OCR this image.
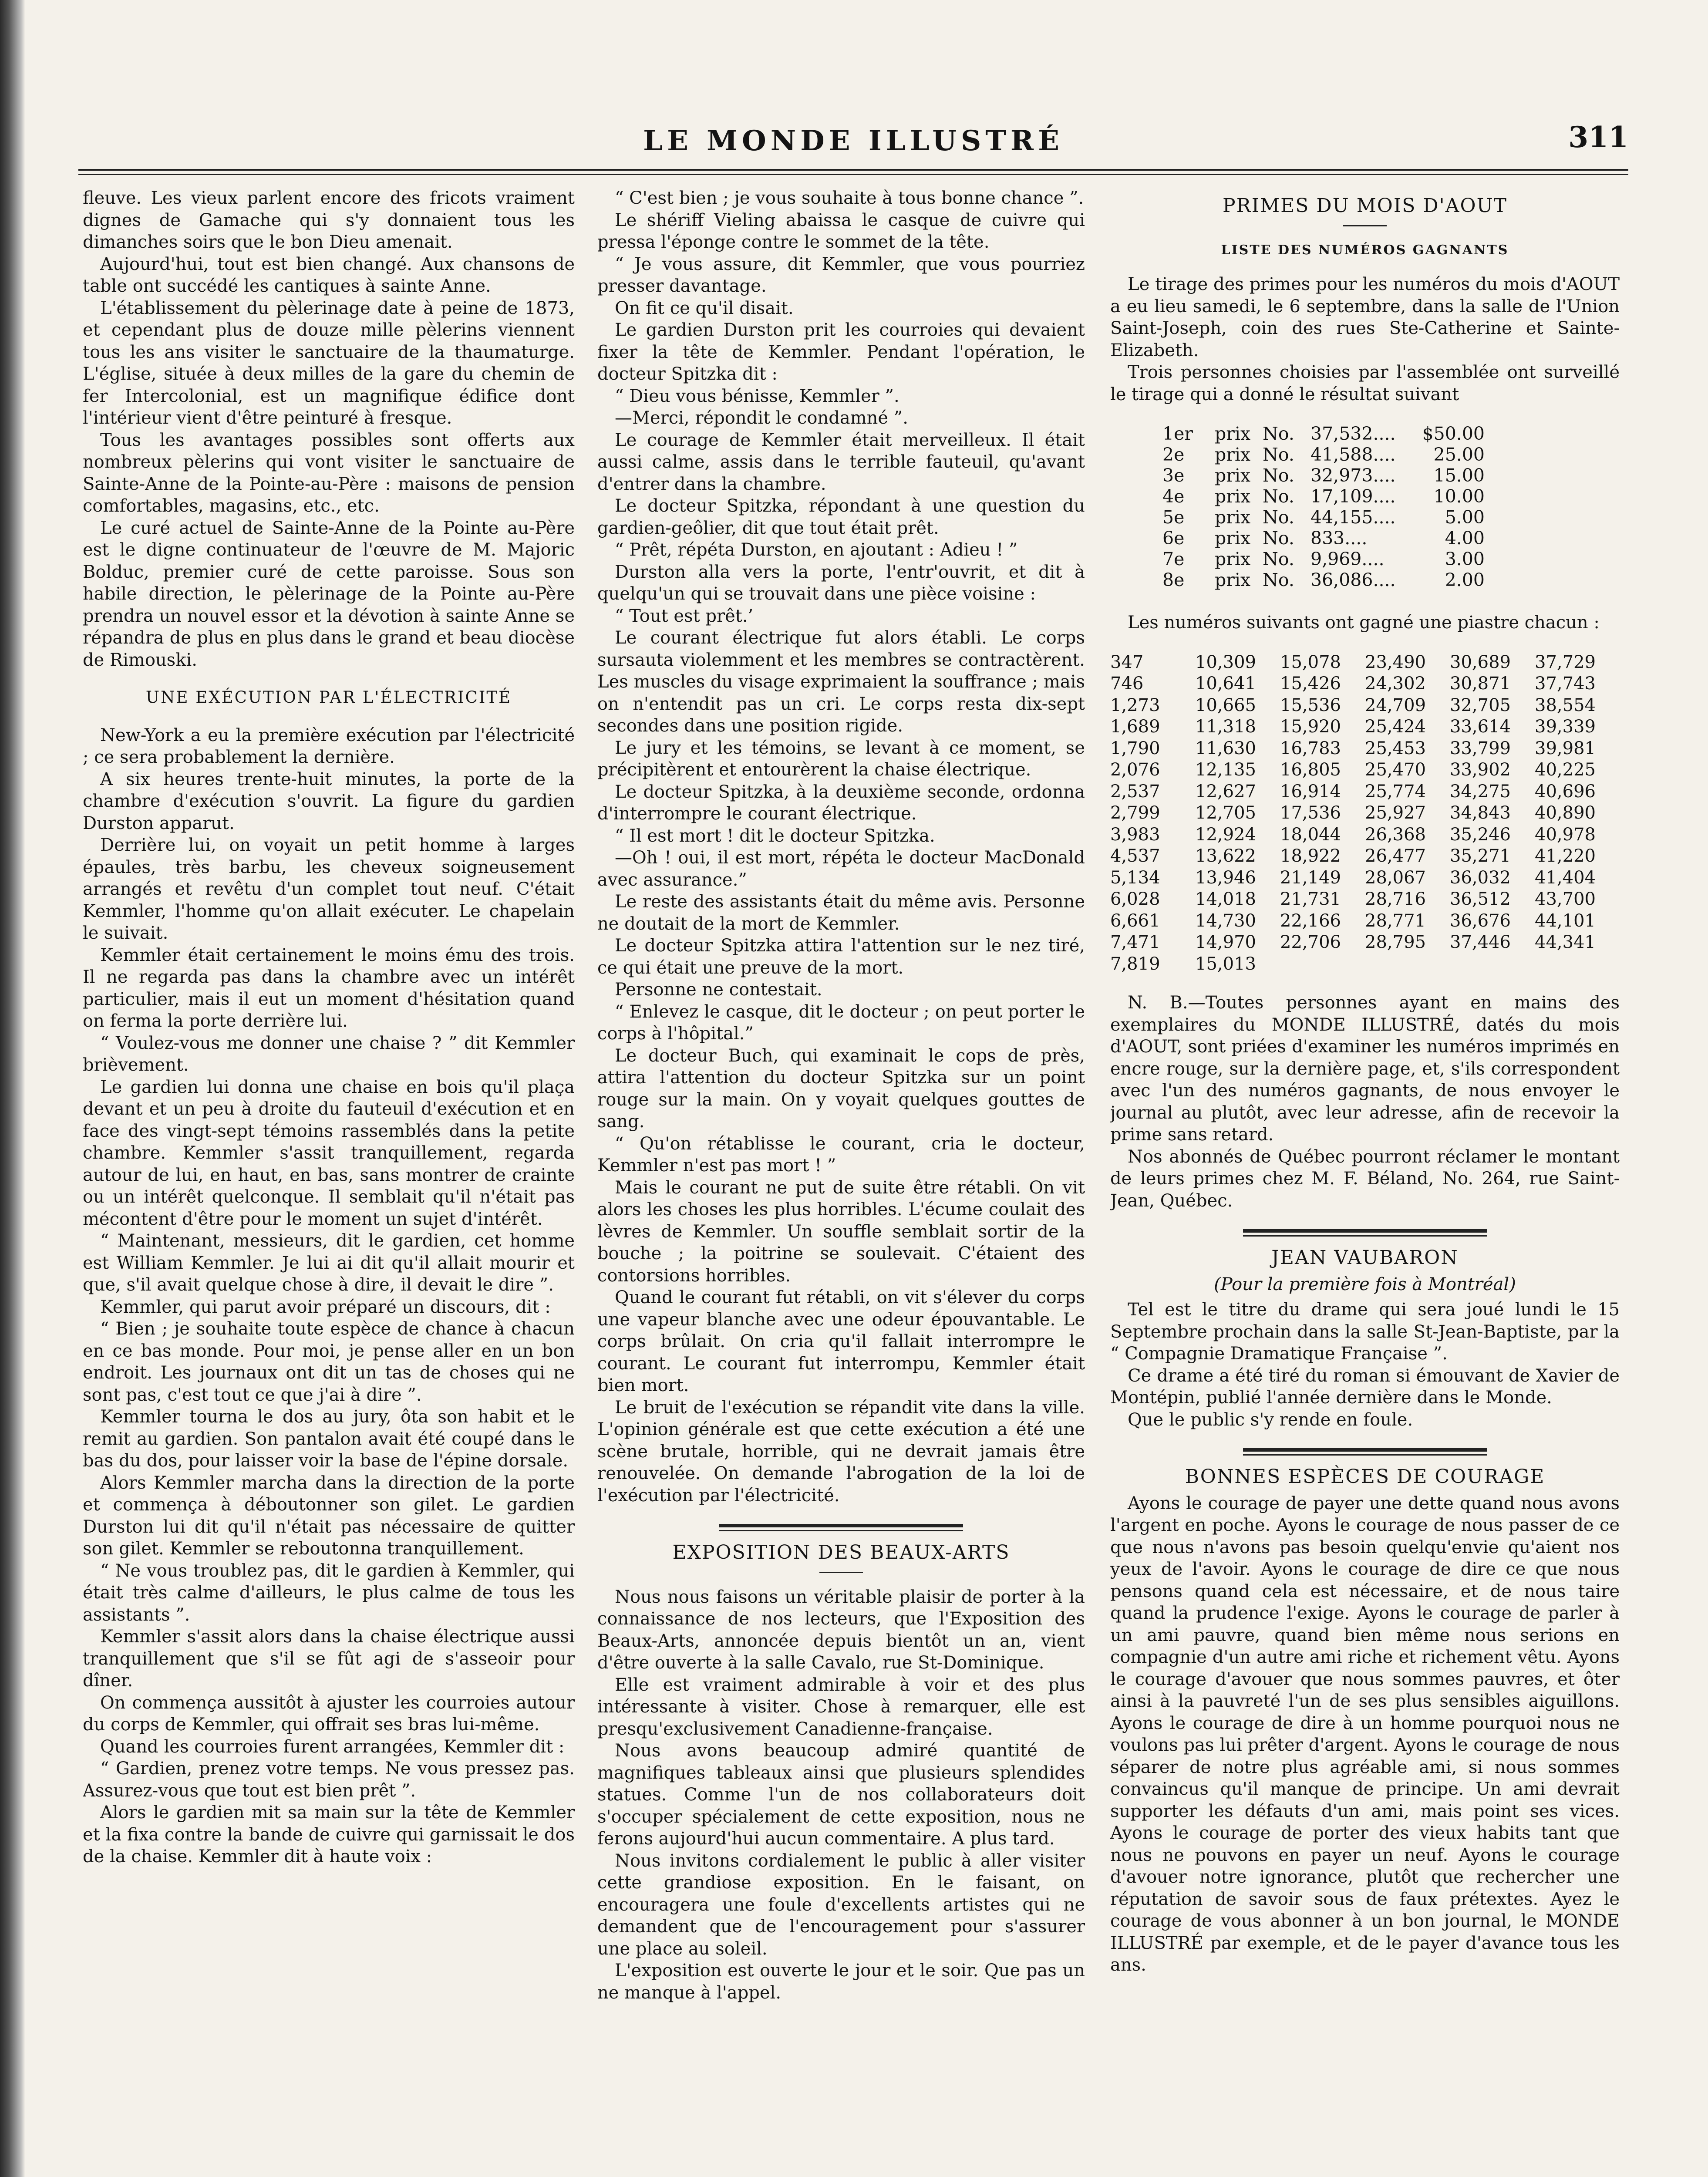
LE MONDE ILLUSTRÉ	311

fleuve. Les vieux parlent encore des fricots vraiment dignes de Gamache qui s'y donnaient tous les dimanches soirs que le bon Dieu amenait.

Aujourd'hui, tout est bien changé. Aux chansons de table ont succédé les cantiques à sainte Anne.

L'établissement du pèlerinage date à peine de 1873, et cependant plus de douze mille pèlerins viennent tous les ans visiter le sanctuaire de la thaumaturge. L'église, située à deux milles de la gare du chemin de fer Intercolonial, est un magnifique édifice dont l'intérieur vient d'être peinturé à fresque.

Tous les avantages possibles sont offerts aux nombreux pèlerins qui vont visiter le sanctuaire de Sainte-Anne de la Pointe-au-Père : maisons de pension comfortables, magasins, etc., etc.

Le curé actuel de Sainte-Anne de la Pointe au-Père est le digne continuateur de l'œuvre de M. Majoric Bolduc, premier curé de cette paroisse. Sous son habile direction, le pèlerinage de la Pointe au-Père prendra un nouvel essor et la dévotion à sainte Anne se répandra de plus en plus dans le grand et beau diocèse de Rimouski.

UNE EXÉCUTION PAR L'ÉLECTRICITÉ

New-York a eu la première exécution par l'électricité ; ce sera probablement la dernière.

A six heures trente-huit minutes, la porte de la chambre d'exécution s'ouvrit. La figure du gardien Durston apparut.

Derrière lui, on voyait un petit homme à larges épaules, très barbu, les cheveux soigneusement arrangés et revêtu d'un complet tout neuf. C'était Kemmler, l'homme qu'on allait exécuter. Le chapelain le suivait.

Kemmler était certainement le moins ému des trois. Il ne regarda pas dans la chambre avec un intérêt particulier, mais il eut un moment d'hésitation quand on ferma la porte derrière lui.

“ Voulez-vous me donner une chaise ? ” dit Kemmler brièvement.

Le gardien lui donna une chaise en bois qu'il plaça devant et un peu à droite du fauteuil d'exécution et en face des vingt-sept témoins rassemblés dans la petite chambre. Kemmler s'assit tranquillement, regarda autour de lui, en haut, en bas, sans montrer de crainte ou un intérêt quelconque. Il semblait qu'il n'était pas mécontent d'être pour le moment un sujet d'intérêt.

“ Maintenant, messieurs, dit le gardien, cet homme est William Kemmler. Je lui ai dit qu'il allait mourir et que, s'il avait quelque chose à dire, il devait le dire ”.

Kemmler, qui parut avoir préparé un discours, dit :

“ Bien ; je souhaite toute espèce de chance à chacun en ce bas monde. Pour moi, je pense aller en un bon endroit. Les journaux ont dit un tas de choses qui ne sont pas, c'est tout ce que j'ai à dire ”.

Kemmler tourna le dos au jury, ôta son habit et le remit au gardien. Son pantalon avait été coupé dans le bas du dos, pour laisser voir la base de l'épine dorsale.

Alors Kemmler marcha dans la direction de la porte et commença à déboutonner son gilet. Le gardien Durston lui dit qu'il n'était pas nécessaire de quitter son gilet. Kemmler se reboutonna tranquillement.

“ Ne vous troublez pas, dit le gardien à Kemmler, qui était très calme d'ailleurs, le plus calme de tous les assistants ”.

Kemmler s'assit alors dans la chaise électrique aussi tranquillement que s'il se fût agi de s'asseoir pour dîner.

On commença aussitôt à ajuster les courroies autour du corps de Kemmler, qui offrait ses bras lui-même.

Quand les courroies furent arrangées, Kemmler dit :

“ Gardien, prenez votre temps. Ne vous pressez pas. Assurez-vous que tout est bien prêt ”.

Alors le gardien mit sa main sur la tête de Kemmler et la fixa contre la bande de cuivre qui garnissait le dos de la chaise. Kemmler dit à haute voix :

“ C'est bien ; je vous souhaite à tous bonne chance ”.

Le shériff Vieling abaissa le casque de cuivre qui pressa l'éponge contre le sommet de la tête.

“ Je vous assure, dit Kemmler, que vous pourriez presser davantage.

On fit ce qu'il disait.

Le gardien Durston prit les courroies qui devaient fixer la tête de Kemmler. Pendant l'opération, le docteur Spitzka dit :

“ Dieu vous bénisse, Kemmler ”.

—Merci, répondit le condamné ”.

Le courage de Kemmler était merveilleux. Il était aussi calme, assis dans le terrible fauteuil, qu'avant d'entrer dans la chambre.

Le docteur Spitzka, répondant à une question du gardien-geôlier, dit que tout était prêt.

“ Prêt, répéta Durston, en ajoutant : Adieu ! ”

Durston alla vers la porte, l'entr'ouvrit, et dit à quelqu'un qui se trouvait dans une pièce voisine :

“ Tout est prêt.’

Le courant électrique fut alors établi. Le corps sursauta violemment et les membres se contractèrent. Les muscles du visage exprimaient la souffrance ; mais on n'entendit pas un cri. Le corps resta dix-sept secondes dans une position rigide.

Le jury et les témoins, se levant à ce moment, se précipitèrent et entourèrent la chaise électrique.

Le docteur Spitzka, à la deuxième seconde, ordonna d'interrompre le courant électrique.

“ Il est mort ! dit le docteur Spitzka.

—Oh ! oui, il est mort, répéta le docteur MacDonald avec assurance.”

Le reste des assistants était du même avis. Personne ne doutait de la mort de Kemmler.

Le docteur Spitzka attira l'attention sur le nez tiré, ce qui était une preuve de la mort.

Personne ne contestait.

“ Enlevez le casque, dit le docteur ; on peut porter le corps à l'hôpital.”

Le docteur Buch, qui examinait le cops de près, attira l'attention du docteur Spitzka sur un point rouge sur la main. On y voyait quelques gouttes de sang.

“ Qu'on rétablisse le courant, cria le docteur, Kemmler n'est pas mort ! ”

Mais le courant ne put de suite être rétabli. On vit alors les choses les plus horribles. L'écume coulait des lèvres de Kemmler. Un souffle semblait sortir de la bouche ; la poitrine se soulevait. C'étaient des contorsions horribles.

Quand le courant fut rétabli, on vit s'élever du corps une vapeur blanche avec une odeur épouvantable. Le corps brûlait. On cria qu'il fallait interrompre le courant. Le courant fut interrompu, Kemmler était bien mort.

Le bruit de l'exécution se répandit vite dans la ville. L'opinion générale est que cette exécution a été une scène brutale, horrible, qui ne devrait jamais être renouvelée. On demande l'abrogation de la loi de l'exécution par l'électricité.

EXPOSITION DES BEAUX-ARTS

Nous nous faisons un véritable plaisir de porter à la connaissance de nos lecteurs, que l'Exposition des Beaux-Arts, annoncée depuis bientôt un an, vient d'être ouverte à la salle Cavalo, rue St-Dominique.

Elle est vraiment admirable à voir et des plus intéressante à visiter. Chose à remarquer, elle est presqu'exclusivement Canadienne-française.

Nous avons beaucoup admiré quantité de magnifiques tableaux ainsi que plusieurs splendides statues. Comme l'un de nos collaborateurs doit s'occuper spécialement de cette exposition, nous ne ferons aujourd'hui aucun commentaire. A plus tard.

Nous invitons cordialement le public à aller visiter cette grandiose exposition. En le faisant, on encouragera une foule d'excellents artistes qui ne demandent que de l'encouragement pour s'assurer une place au soleil.

L'exposition est ouverte le jour et le soir. Que pas un ne manque à l'appel.

PRIMES DU MOIS D'AOUT
LISTE DES NUMÉROS GAGNANTS

Le tirage des primes pour les numéros du mois d'AOUT a eu lieu samedi, le 6 septembre, dans la salle de l'Union Saint-Joseph, coin des rues Ste-Catherine et Sainte-Elizabeth.

Trois personnes choisies par l'assemblée ont surveillé le tirage qui a donné le résultat suivant

1er	prix No. 37,532....	$50.00
2e	prix No. 41,588....	25.00
3e	prix No. 32,973....	15.00
4e	prix No. 17,109....	10.00
5e	prix No. 44,155....	5.00
6e	prix No. 833....	4.00
7e	prix No. 9,969....	3.00
8e	prix No. 36,086....	2.00

Les numéros suivants ont gagné une piastre chacun :

347	10,309	15,078	23,490	30,689	37,729
746	10,641	15,426	24,302	30,871	37,743
1,273	10,665	15,536	24,709	32,705	38,554
1,689	11,318	15,920	25,424	33,614	39,339
1,790	11,630	16,783	25,453	33,799	39,981
2,076	12,135	16,805	25,470	33,902	40,225
2,537	12,627	16,914	25,774	34,275	40,696
2,799	12,705	17,536	25,927	34,843	40,890
3,983	12,924	18,044	26,368	35,246	40,978
4,537	13,622	18,922	26,477	35,271	41,220
5,134	13,946	21,149	28,067	36,032	41,404
6,028	14,018	21,731	28,716	36,512	43,700
6,661	14,730	22,166	28,771	36,676	44,101
7,471	14,970	22,706	28,795	37,446	44,341
7,819	15,013

N. B.—Toutes personnes ayant en mains des exemplaires du MONDE ILLUSTRÉ, datés du mois d'AOUT, sont priées d'examiner les numéros imprimés en encre rouge, sur la dernière page, et, s'ils correspondent avec l'un des numéros gagnants, de nous envoyer le journal au plutôt, avec leur adresse, afin de recevoir la prime sans retard.

Nos abonnés de Québec pourront réclamer le montant de leurs primes chez M. F. Béland, No. 264, rue Saint-Jean, Québec.

JEAN VAUBARON
(Pour la première fois à Montréal)

Tel est le titre du drame qui sera joué lundi le 15 Septembre prochain dans la salle St-Jean-Baptiste, par la “ Compagnie Dramatique Française ”.

Ce drame a été tiré du roman si émouvant de Xavier de Montépin, publié l'année dernière dans le Monde.

Que le public s'y rende en foule.

BONNES ESPÈCES DE COURAGE

Ayons le courage de payer une dette quand nous avons l'argent en poche. Ayons le courage de nous passer de ce que nous n'avons pas besoin quelqu'envie qu'aient nos yeux de l'avoir. Ayons le courage de dire ce que nous pensons quand cela est nécessaire, et de nous taire quand la prudence l'exige. Ayons le courage de parler à un ami pauvre, quand bien même nous serions en compagnie d'un autre ami riche et richement vêtu. Ayons le courage d'avouer que nous sommes pauvres, et ôter ainsi à la pauvreté l'un de ses plus sensibles aiguillons. Ayons le courage de dire à un homme pourquoi nous ne voulons pas lui prêter d'argent. Ayons le courage de nous séparer de notre plus agréable ami, si nous sommes convaincus qu'il manque de principe. Un ami devrait supporter les défauts d'un ami, mais point ses vices. Ayons le courage de porter des vieux habits tant que nous ne pouvons en payer un neuf. Ayons le courage d'avouer notre ignorance, plutôt que rechercher une réputation de savoir sous de faux prétextes. Ayez le courage de vous abonner à un bon journal, le MONDE ILLUSTRÉ par exemple, et de le payer d'avance tous les ans.
